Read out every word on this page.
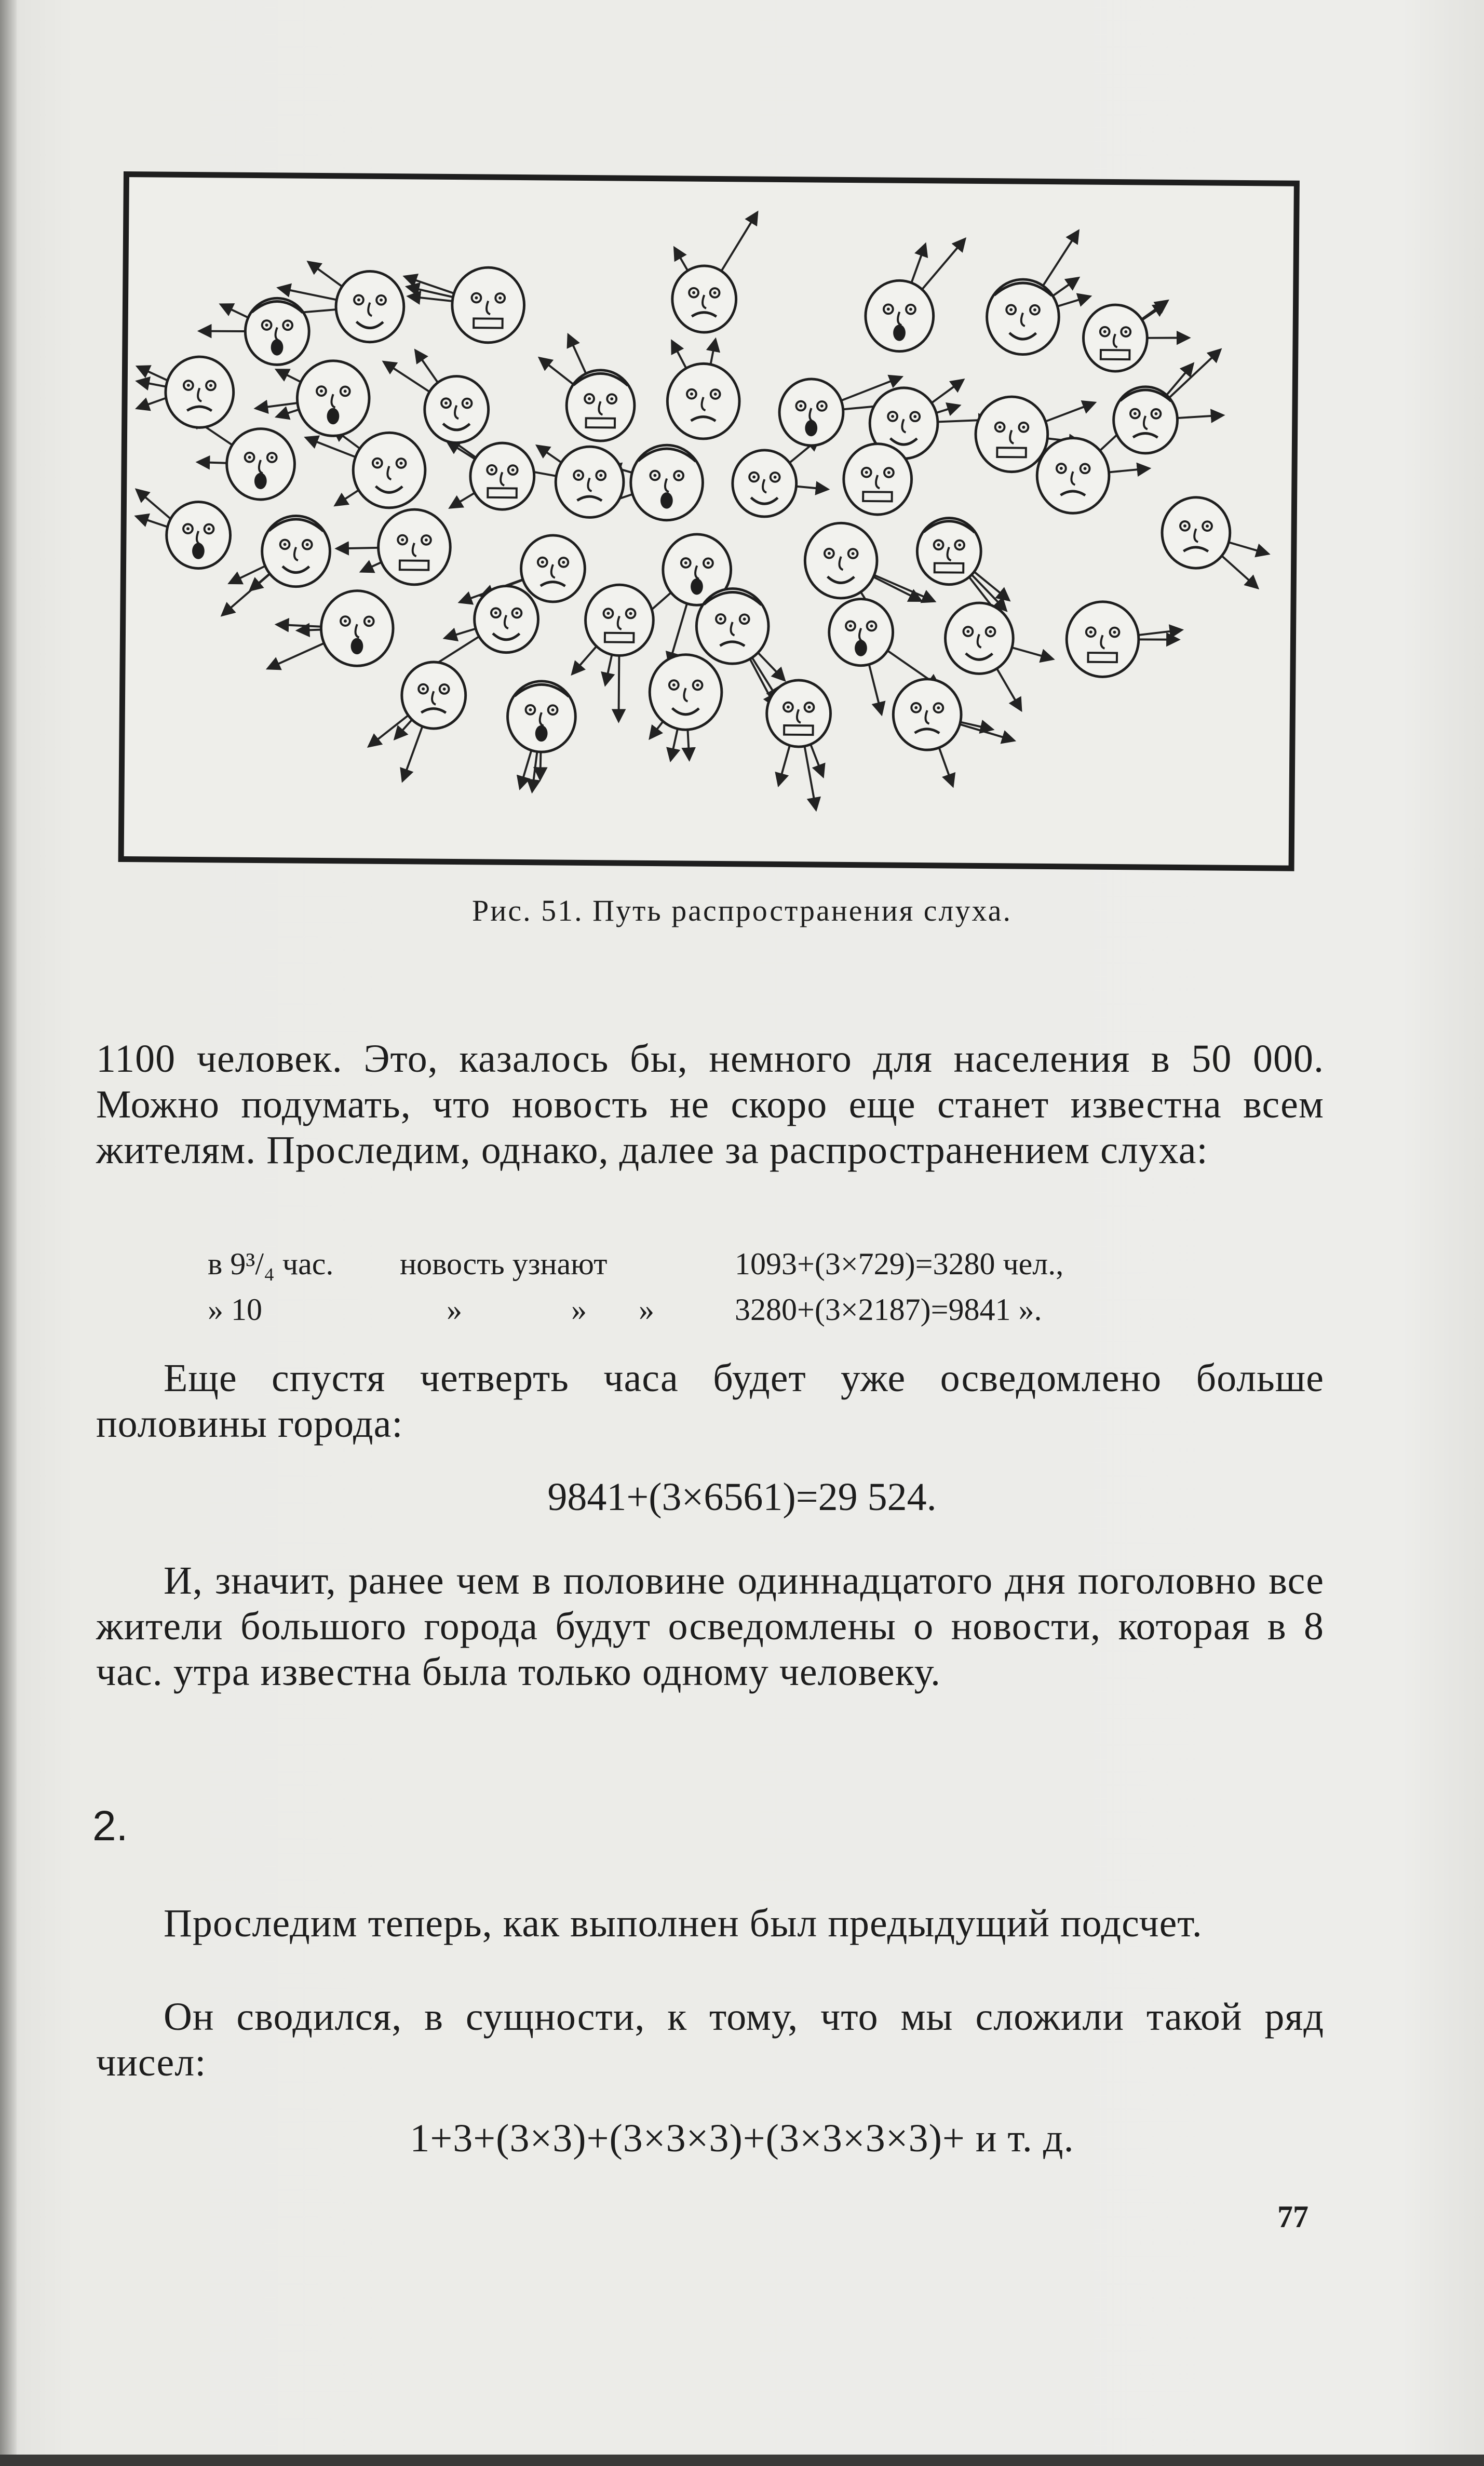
Рис. 51. Путь распространения слуха.
1100 человек. Это, казалось бы, немного для населения в 50 000. Можно подумать, что новость не скоро еще станет известна всем жителям. Проследим, однако, далее за распространением слуха:
в 9³/₄ час. новость узнают	1093+(3×729)=3280 чел.,
» 10	»	» »	3280+(3×2187)=9841 ».
Еще спустя четверть часа будет уже осведомлено больше половины города:
9841+(3×6561)=29 524.
И, значит, ранее чем в половине одиннадцатого дня поголовно все жители большого города будут осведомлены о новости, которая в 8 час. утра известна была только одному человеку.
2.
Проследим теперь, как выполнен был предыдущий подсчет.
Он сводился, в сущности, к тому, что мы сложили такой ряд чисел:
1+3+(3×3)+(3×3×3)+(3×3×3×3)+ и т. д.
77
